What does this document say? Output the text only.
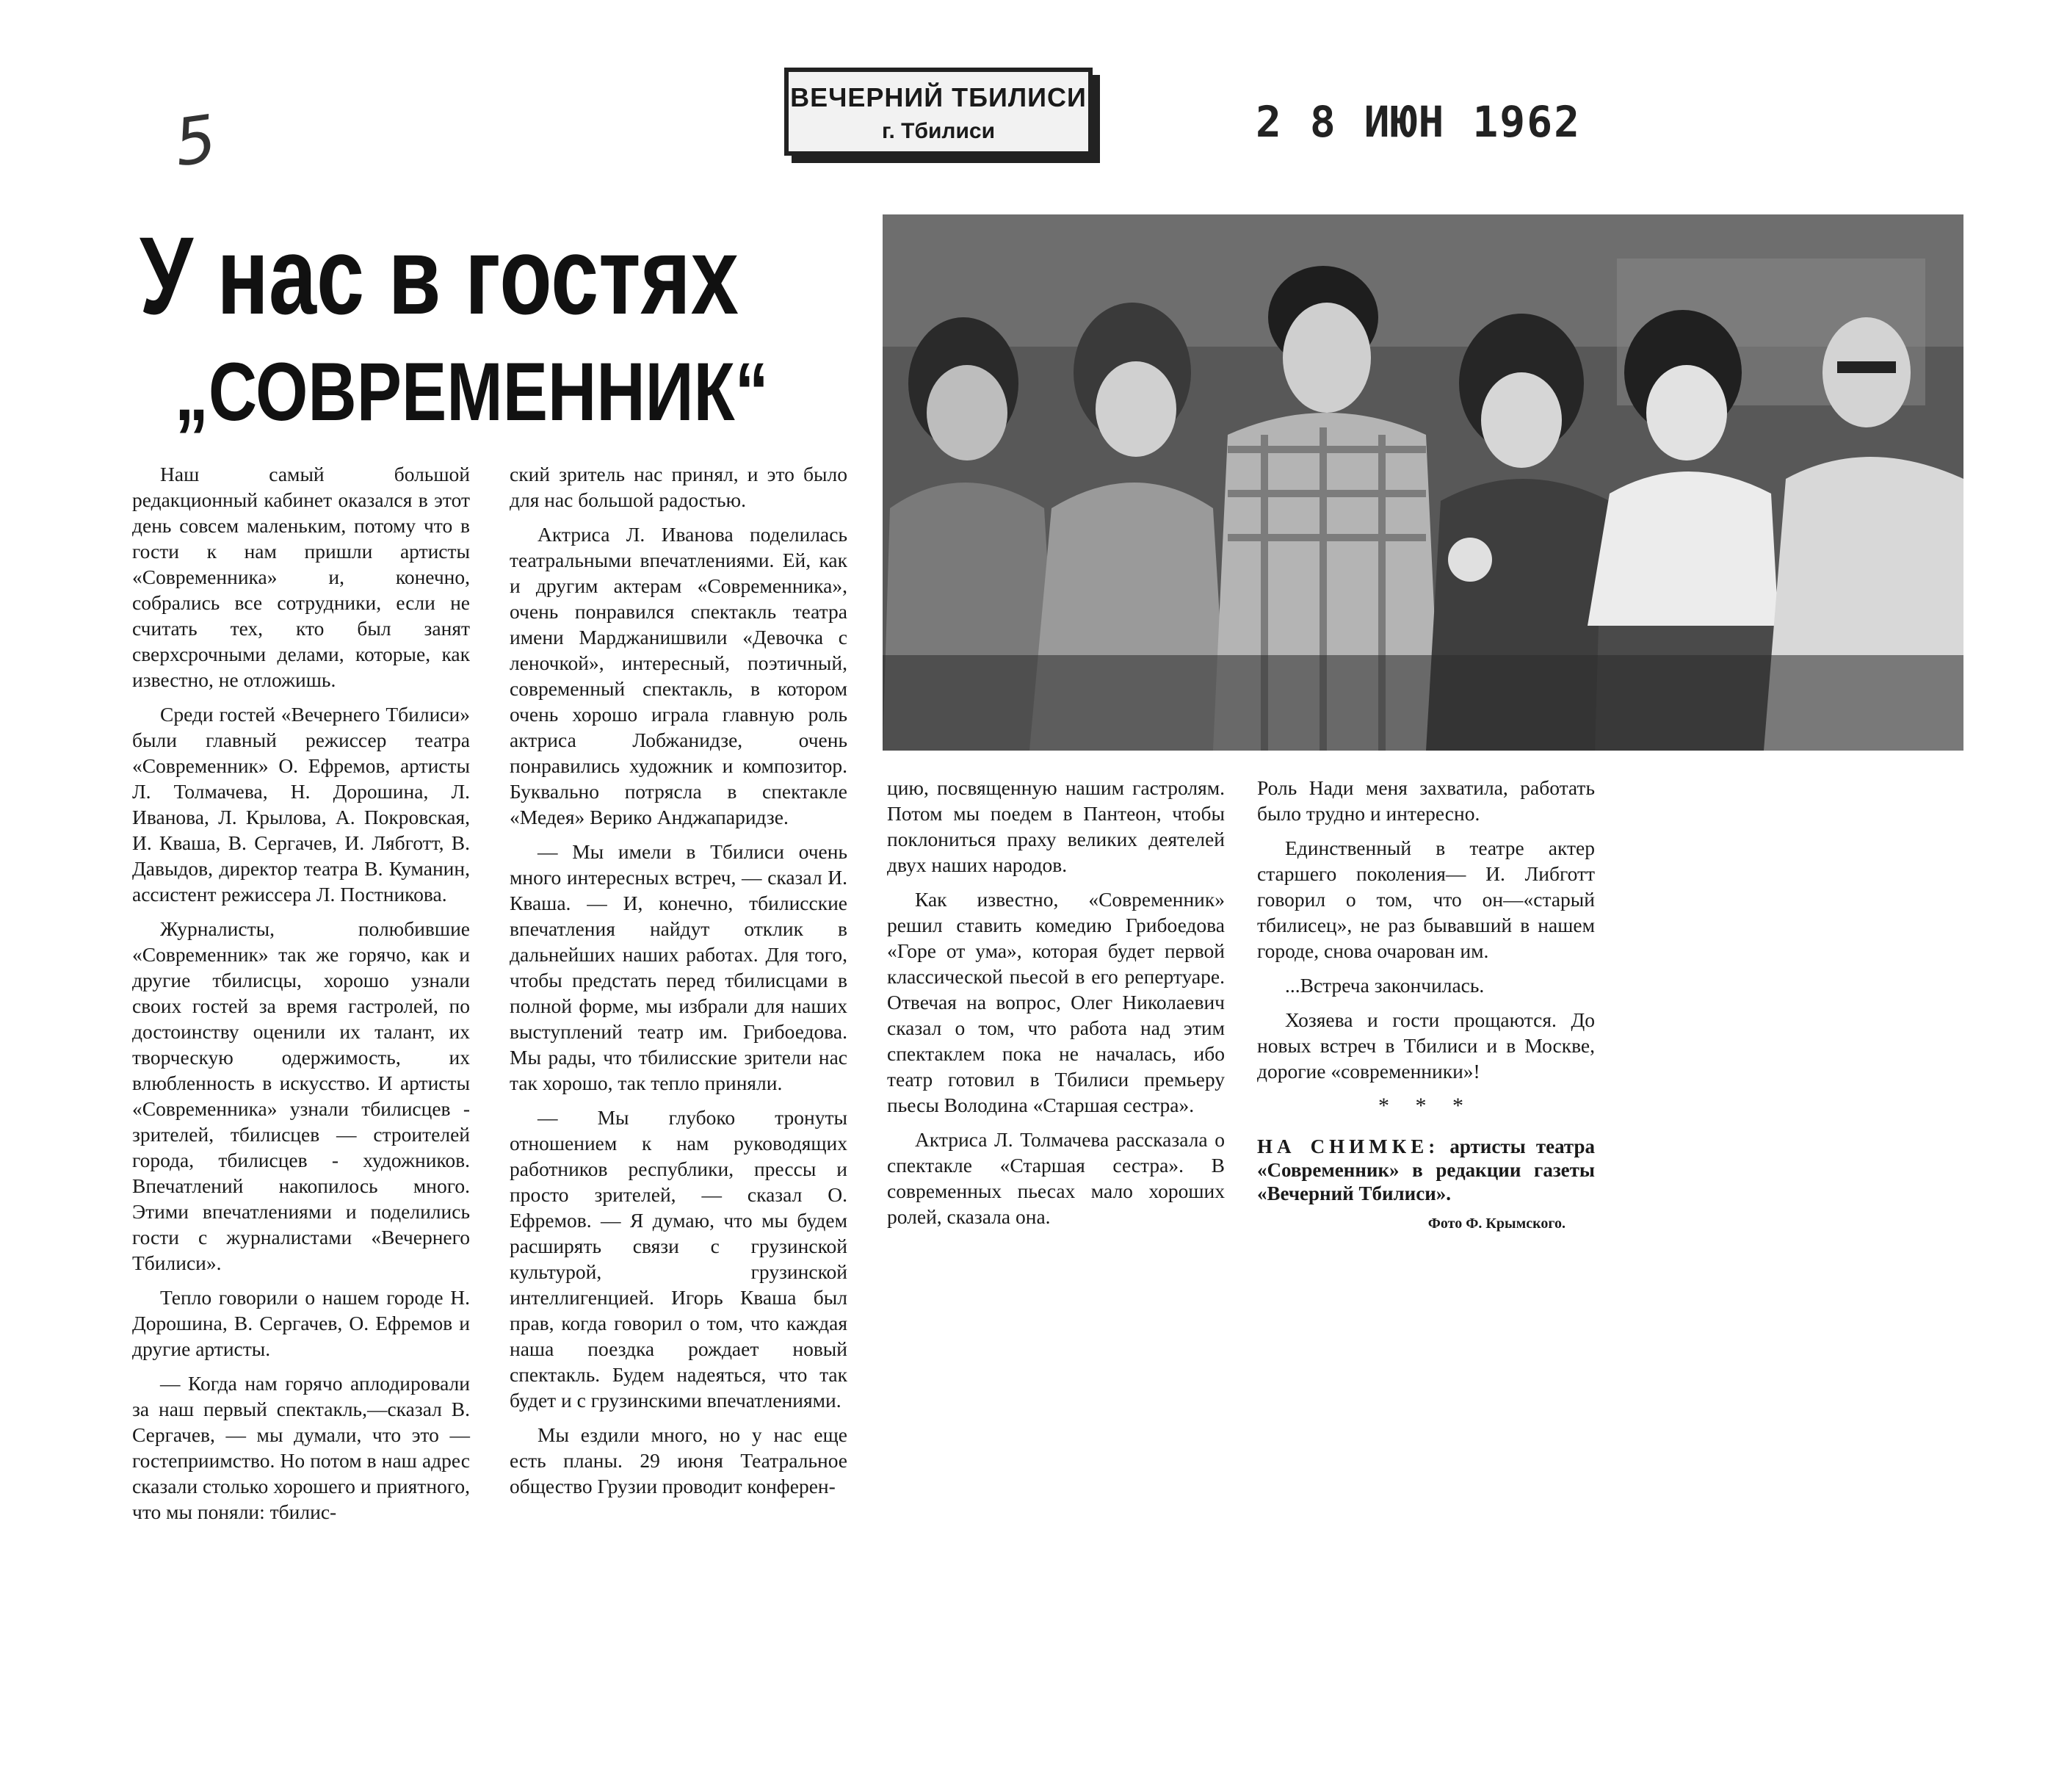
5
ВЕЧЕРНИЙ ТБИЛИСИ
г. Тбилиси	2 8 ИЮН 1962
У нас в гостях
„СОВРЕМЕННИК“

Наш самый большой редакционный кабинет оказался в этот день совсем маленьким, потому что в гости к нам пришли артисты «Современника» и, конечно, собрались все сотрудники, если не считать тех, кто был занят сверхсрочными делами, которые, как известно, не отложишь.

Среди гостей «Вечернего Тбилиси» были главный режиссер театра «Современник» О. Ефремов, артисты Л. Толмачева, Н. Дорошина, Л. Иванова, Л. Крылова, А. Покровская, И. Кваша, В. Сергачев, И. Лябготт, В. Давыдов, директор театра В. Куманин, ассистент режиссера Л. Постникова.

Журналисты, полюбившие «Современник» так же горячо, как и другие тбилисцы, хорошо узнали своих гостей за время гастролей, по достоинству оценили их талант, их творческую одержимость, их влюбленность в искусство. И артисты «Современника» узнали тбилисцев - зрителей, тбилисцев — строителей города, тбилисцев - художников. Впечатлений накопилось много. Этими впечатлениями и поделились гости с журналистами «Вечернего Тбилиси».

Тепло говорили о нашем городе Н. Дорошина, В. Сергачев, О. Ефремов и другие артисты.

— Когда нам горячо аплодировали за наш первый спектакль,—сказал В. Сергачев, — мы думали, что это — гостеприимство. Но потом в наш адрес сказали столько хорошего и приятного, что мы поняли: тбилис-

ский зритель нас принял, и это было для нас большой радостью.

Актриса Л. Иванова поделилась театральными впечатлениями. Ей, как и другим актерам «Современника», очень понравился спектакль театра имени Марджанишвили «Девочка с леночкой», интересный, поэтичный, современный спектакль, в котором очень хорошо играла главную роль актриса Лобжанидзе, очень понравились художник и композитор. Буквально потрясла в спектакле «Медея» Верико Анджапаридзе.

— Мы имели в Тбилиси очень много интересных встреч, — сказал И. Кваша. — И, конечно, тбилисские впечатления найдут отклик в дальнейших наших работах. Для того, чтобы предстать перед тбилисцами в полной форме, мы избрали для наших выступлений театр им. Грибоедова. Мы рады, что тбилисские зрители нас так хорошо, так тепло приняли.

— Мы глубоко тронуты отношением к нам руководящих работников республики, прессы и просто зрителей, — сказал О. Ефремов. — Я думаю, что мы будем расширять связи с грузинской культурой, грузинской интеллигенцией. Игорь Кваша был прав, когда говорил о том, что каждая наша поездка рождает новый спектакль. Будем надеяться, что так будет и с грузинскими впечатлениями.

Мы ездили много, но у нас еще есть планы. 29 июня Театральное общество Грузии проводит конферен-

цию, посвященную нашим гастролям. Потом мы поедем в Пантеон, чтобы поклониться праху великих деятелей двух наших народов.

Как известно, «Современник» решил ставить комедию Грибоедова «Горе от ума», которая будет первой классической пьесой в его репертуаре. Отвечая на вопрос, Олег Николаевич сказал о том, что работа над этим спектаклем пока не началась, ибо театр готовил в Тбилиси премьеру пьесы Володина «Старшая сестра».

Актриса Л. Толмачева рассказала о спектакле «Старшая сестра». В современных пьесах мало хороших ролей, сказала она.

Роль Нади меня захватила, работать было трудно и интересно.

Единственный в театре актер старшего поколения— И. Либготт говорил о том, что он—«старый тбилисец», не раз бывавший в нашем городе, снова очарован им.

...Встреча закончилась.

Хозяева и гости прощаются. До новых встреч в Тбилиси и в Москве, дорогие «современники»!

* * *
НА СНИМКЕ: артисты театра «Современник» в редакции газеты «Вечерний Тбилиси».
Фото Ф. Крымского.
